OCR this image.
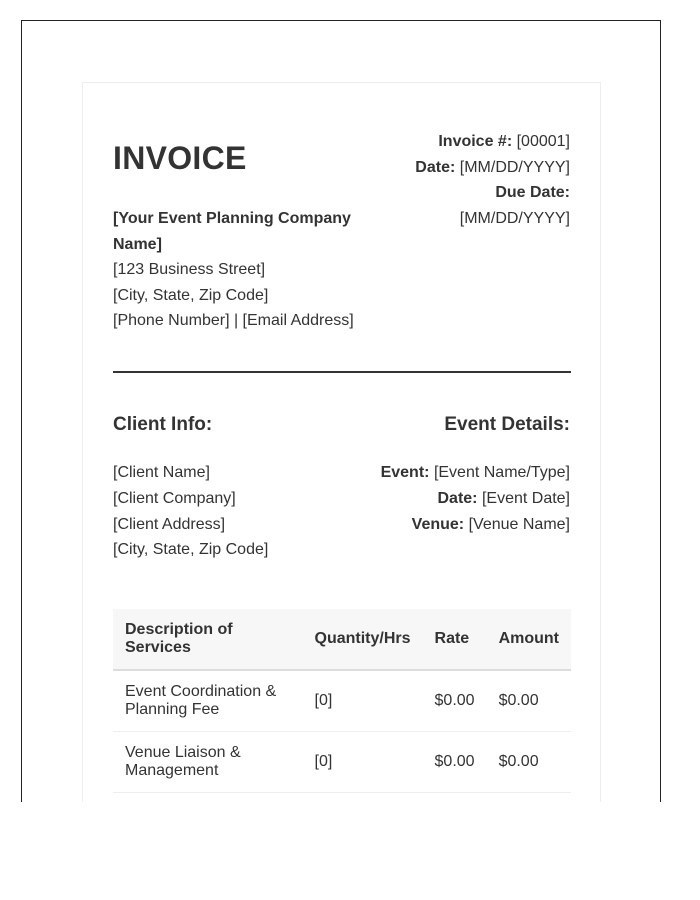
INVOICE
[Your Event Planning Company Name]
[123 Business Street]
[City, State, Zip Code]
[Phone Number] | [Email Address]
Invoice #: [00001]
Date: [MM/DD/YYYY]
Due Date:
[MM/DD/YYYY]
Client Info:	Event Details:
[Client Name]
[Client Company]
[Client Address]
[City, State, Zip Code]
Event: [Event Name/Type]
Date: [Event Date]
Venue: [Venue Name]
Description of Services	Quantity/Hrs	Rate	Amount
Event Coordination & Planning Fee	[0]	$0.00	$0.00
Venue Liaison & Management	[0]	$0.00	$0.00
